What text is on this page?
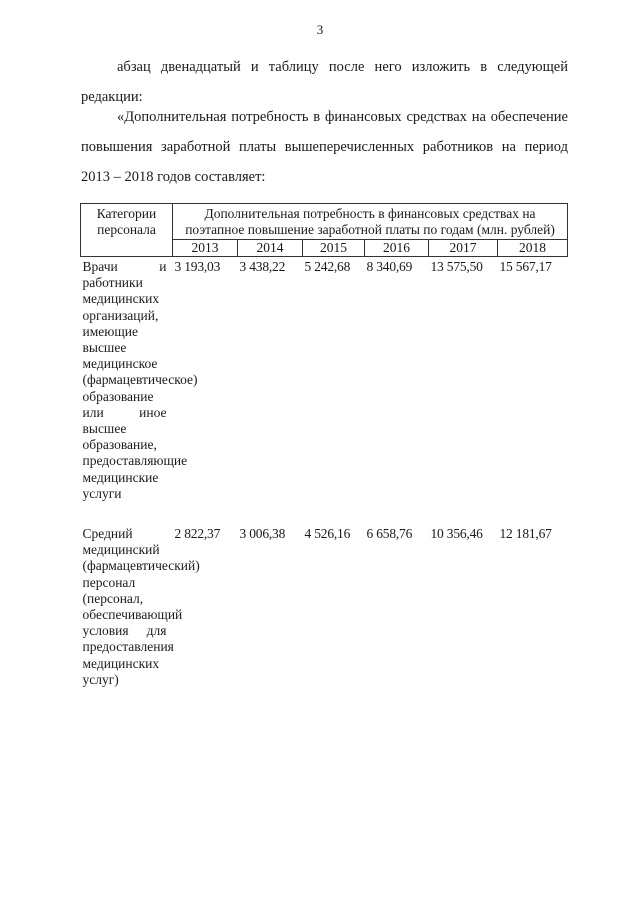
3

абзац двенадцатый и таблицу после него изложить в следующей редакции:

«Дополнительная потребность в финансовых средствах на обеспечение повышения заработной платы вышеперечисленных работников на период 2013 – 2018 годов составляет:

Категории персонала	Дополнительная потребность в финансовых средствах на поэтапное повышение заработной платы по годам (млн. рублей)					
	2013	2014	2015	2016	2017	2018
Врачи и работники медицинских организаций, имеющие высшее медицинское (фармацевтическое) образование или иное высшее образование, предоставляющие медицинские услуги	3 193,03	3 438,22	5 242,68	8 340,69	13 575,50	15 567,17

Средний медицинский (фармацевтический) персонал (персонал, обеспечивающий условия для предоставления медицинских услуг)	2 822,37	3 006,38	4 526,16	6 658,76	10 356,46	12 181,67
